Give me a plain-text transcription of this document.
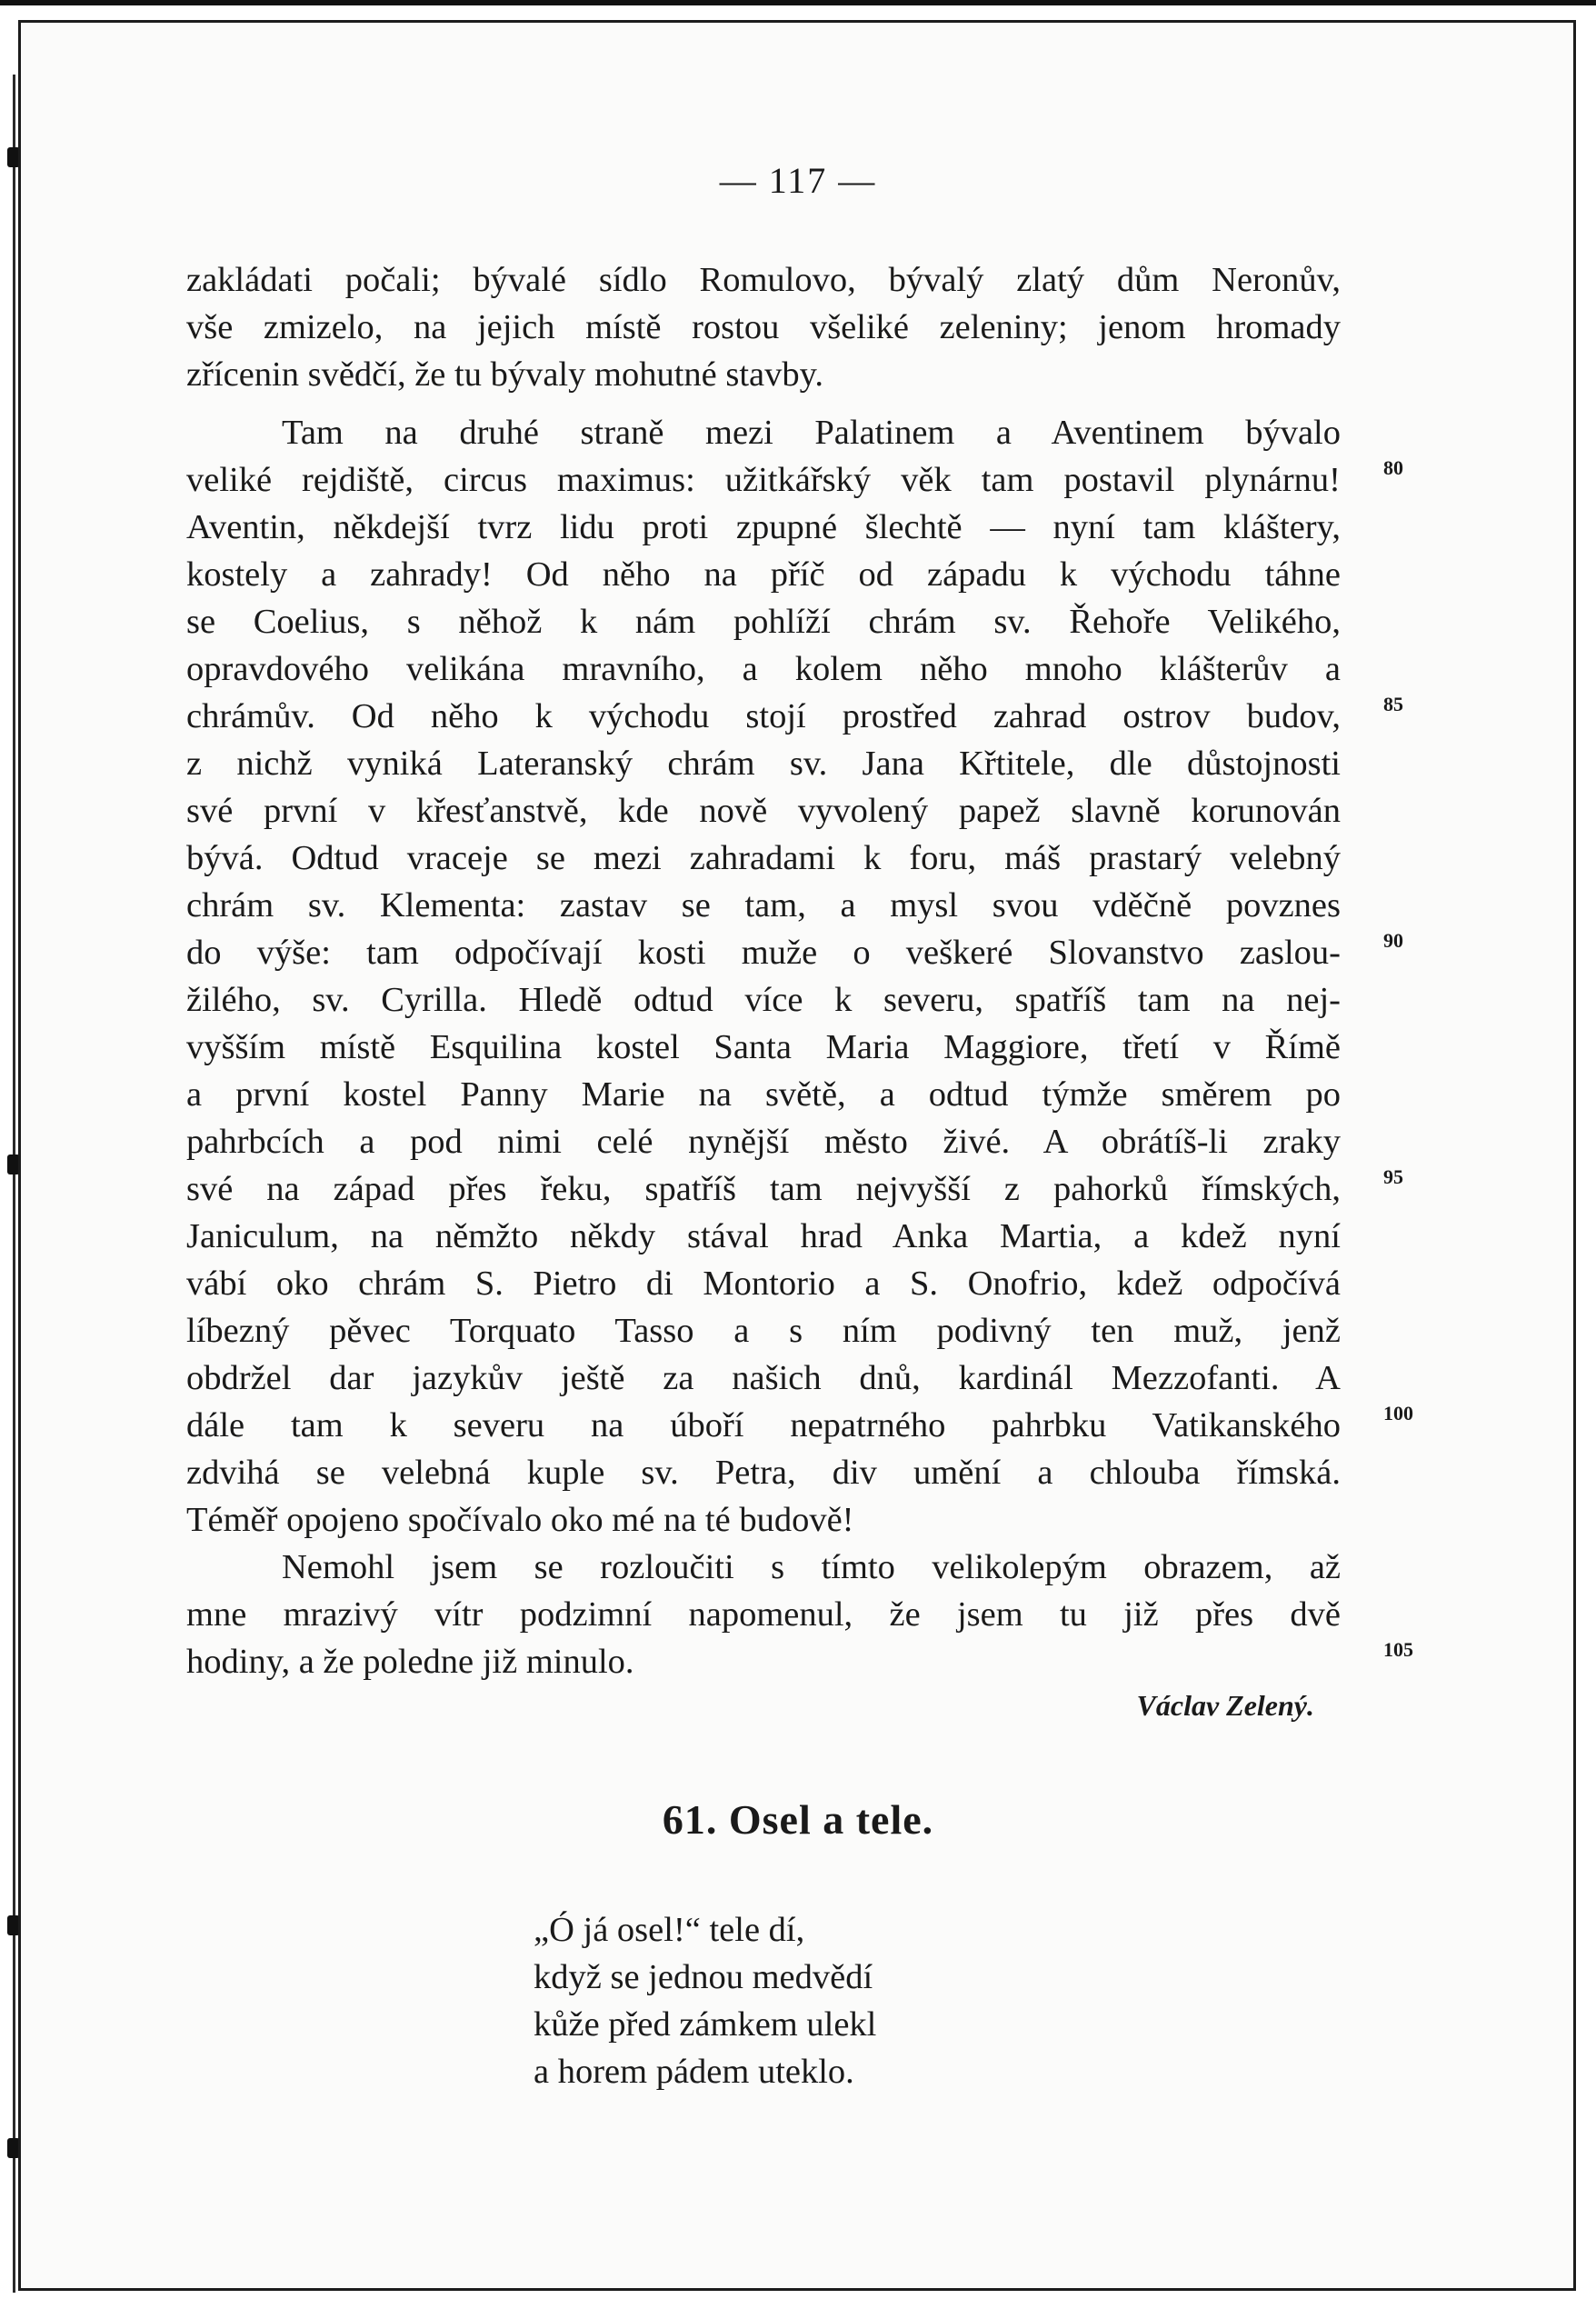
— 117 —
zakládati počali; bývalé sídlo Romulovo, bývalý zlatý dům Neronův,
vše zmizelo, na jejich místě rostou všeliké zeleniny; jenom hromady
zřícenin svědčí, že tu bývaly mohutné stavby.
Tam na druhé straně mezi Palatinem a Aventinem bývalo
veliké rejdiště, circus maximus: užitkářský věk tam postavil plynárnu!
Aventin, někdejší tvrz lidu proti zpupné šlechtě — nyní tam kláštery,
kostely a zahrady! Od něho na příč od západu k východu táhne
se Coelius, s něhož k nám pohlíží chrám sv. Řehoře Velikého,
opravdového velikána mravního, a kolem něho mnoho klášterův a
chrámův. Od něho k východu stojí prostřed zahrad ostrov budov,
z nichž vyniká Lateranský chrám sv. Jana Křtitele, dle důstojnosti
své první v křesťanstvě, kde nově vyvolený papež slavně korunován
bývá. Odtud vraceje se mezi zahradami k foru, máš prastarý velebný
chrám sv. Klementa: zastav se tam, a mysl svou vděčně povznes
do výše: tam odpočívají kosti muže o veškeré Slovanstvo zaslou-
žilého, sv. Cyrilla. Hledě odtud více k severu, spatříš tam na nej-
vyšším místě Esquilina kostel Santa Maria Maggiore, třetí v Římě
a první kostel Panny Marie na světě, a odtud týmže směrem po
pahrbcích a pod nimi celé nynější město živé. A obrátíš-li zraky
své na západ přes řeku, spatříš tam nejvyšší z pahorků římských,
Janiculum, na němžto někdy stával hrad Anka Martia, a kdež nyní
vábí oko chrám S. Pietro di Montorio a S. Onofrio, kdež odpočívá
líbezný pěvec Torquato Tasso a s ním podivný ten muž, jenž
obdržel dar jazykův ještě za našich dnů, kardinál Mezzofanti. A
dále tam k severu na úboří nepatrného pahrbku Vatikanského
zdvihá se velebná kuple sv. Petra, div umění a chlouba římská.
Téměř opojeno spočívalo oko mé na té budově!
Nemohl jsem se rozloučiti s tímto velikolepým obrazem, až
mne mrazivý vítr podzimní napomenul, že jsem tu již přes dvě
hodiny, a že poledne již minulo.
80
85
90
95
100
105
Václav Zelený.
61. Osel a tele.
„Ó já osel!“ tele dí,
když se jednou medvědí
kůže před zámkem ulekl
a horem pádem uteklo.
